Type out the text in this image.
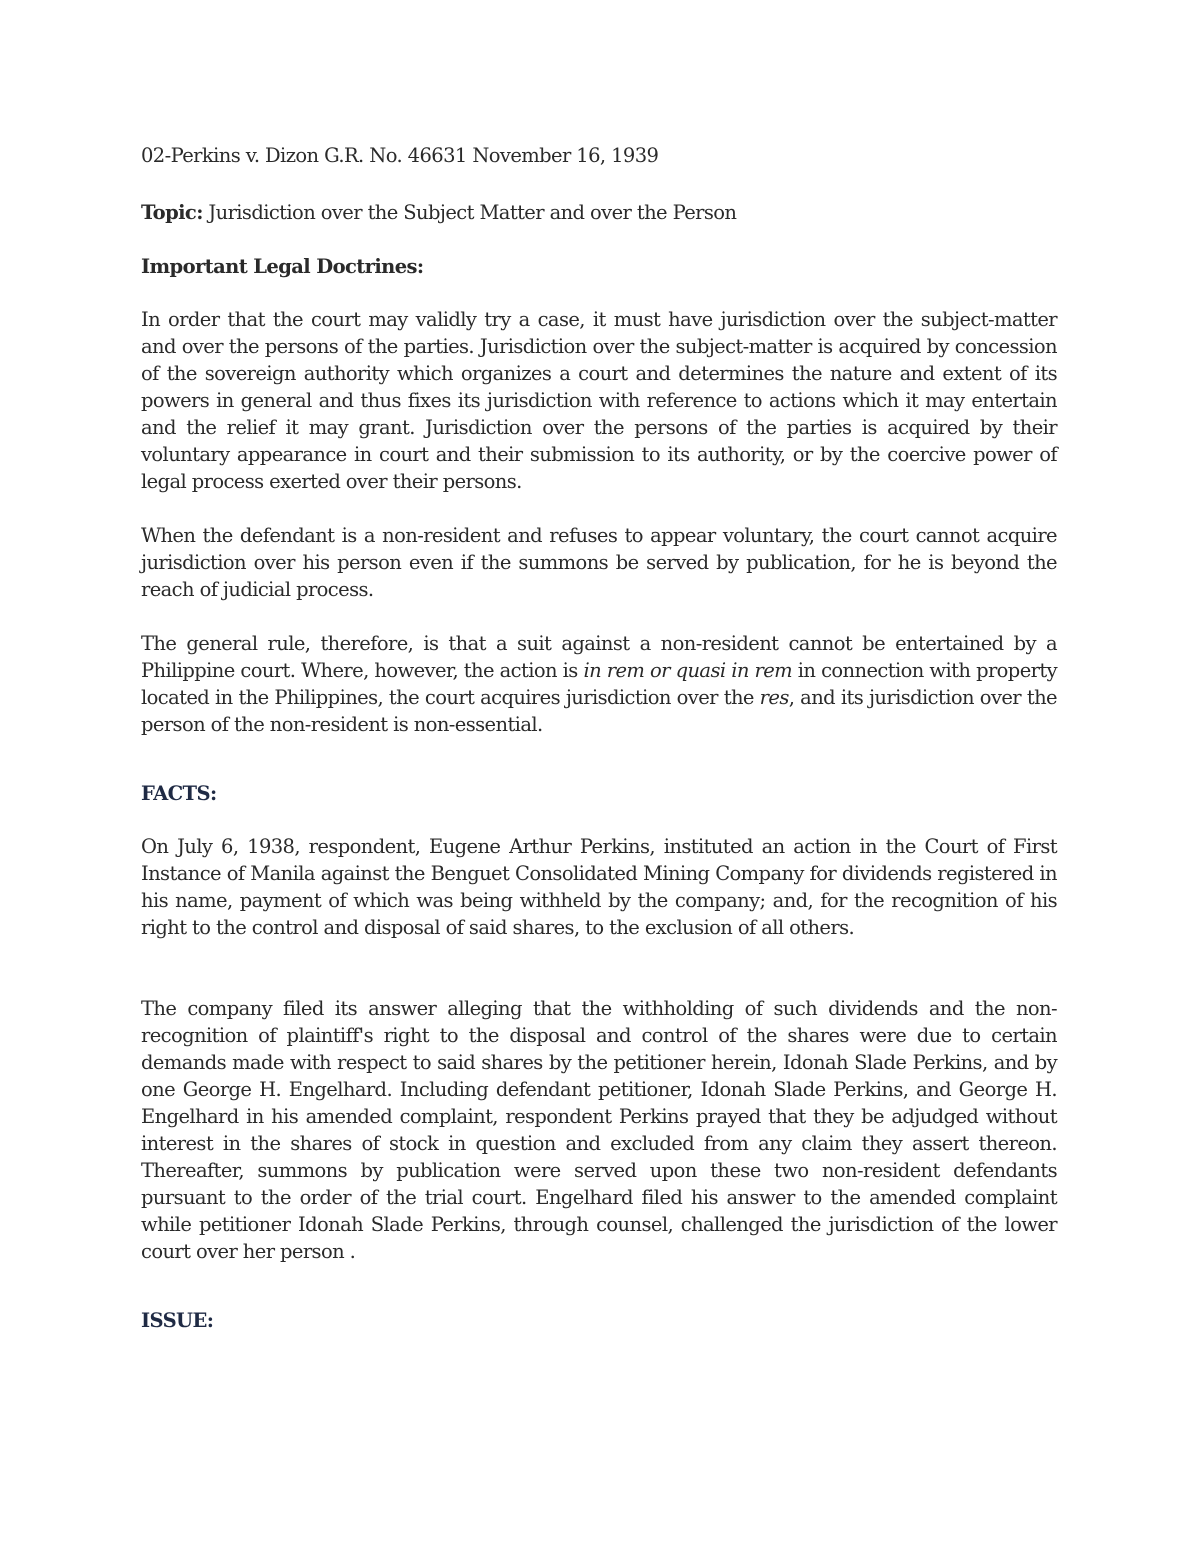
02-Perkins v. Dizon G.R. No. 46631 November 16, 1939
Topic: Jurisdiction over the Subject Matter and over the Person
Important Legal Doctrines:

In order that the court may validly try a case, it must have jurisdiction over the subject-matter and over the persons of the parties. Jurisdiction over the subject-matter is acquired by concession of the sovereign authority which organizes a court and determines the nature and extent of its powers in general and thus fixes its jurisdiction with reference to actions which it may entertain and the relief it may grant. Jurisdiction over the persons of the parties is acquired by their voluntary appearance in court and their submission to its authority, or by the coercive power of legal process exerted over their persons.

When the defendant is a non-resident and refuses to appear voluntary, the court cannot acquire jurisdiction over his person even if the summons be served by publication, for he is beyond the reach of judicial process.

The general rule, therefore, is that a suit against a non-resident cannot be entertained by a Philippine court. Where, however, the action is in rem or quasi in rem in connection with property located in the Philippines, the court acquires jurisdiction over the res, and its jurisdiction over the person of the non-resident is non-essential.

FACTS:

On July 6, 1938, respondent, Eugene Arthur Perkins, instituted an action in the Court of First Instance of Manila against the Benguet Consolidated Mining Company for dividends registered in his name, payment of which was being withheld by the company; and, for the recognition of his right to the control and disposal of said shares, to the exclusion of all others.

The company filed its answer alleging that the withholding of such dividends and the non- recognition of plaintiff's right to the disposal and control of the shares were due to certain demands made with respect to said shares by the petitioner herein, Idonah Slade Perkins, and by one George H. Engelhard. Including defendant petitioner, Idonah Slade Perkins, and George H. Engelhard in his amended complaint, respondent Perkins prayed that they be adjudged without interest in the shares of stock in question and excluded from any claim they assert thereon. Thereafter, summons by publication were served upon these two non-resident defendants pursuant to the order of the trial court. Engelhard filed his answer to the amended complaint while petitioner Idonah Slade Perkins, through counsel, challenged the jurisdiction of the lower court over her person .

ISSUE:
